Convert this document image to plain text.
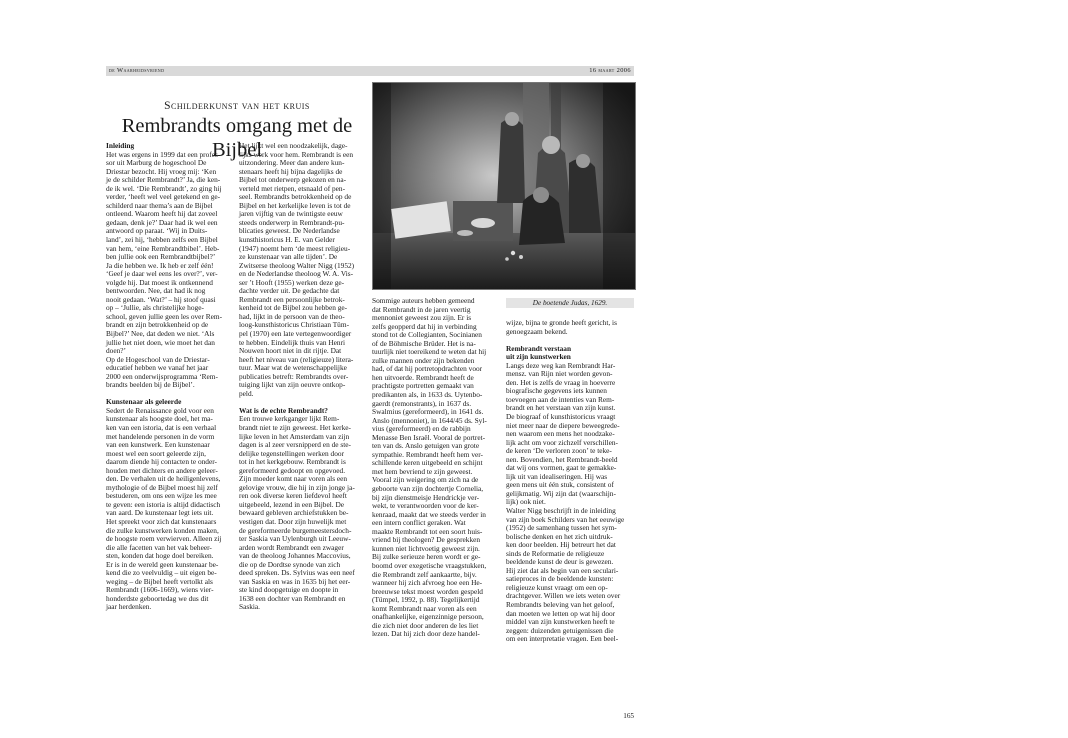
de Waarheidsvriend	16 maart 2006
Schilderkunst van het kruis
Rembrandts omgang met de Bijbel
De boetende Judas, 1629.

Inleiding

Het was ergens in 1999 dat een profes-
sor uit Marburg de hogeschool De
Driestar bezocht. Hij vroeg mij: ‘Ken
je de schilder Rembrandt?’ Ja, die ken-
de ik wel. ‘Die Rembrandt’, zo ging hij
verder, ‘heeft wel veel getekend en ge-
schilderd naar thema’s aan de Bijbel
ontleend. Waarom heeft hij dat zoveel
gedaan, denk je?’ Daar had ik wel een
antwoord op paraat. ‘Wij in Duits-
land’, zei hij, ‘hebben zelfs een Bijbel
van hem, ‘eine Rembrandtbibel’. Heb-
ben jullie ook een Rembrandtbijbel?’
Ja die hebben we. Ik heb er zelf één!
‘Geef je daar wel eens les over?’, ver-
volgde hij. Dat moest ik ontkennend
bentwoorden. Nee, dat had ik nog
nooit gedaan. ‘Wat?’ – hij stoof quasi
op – ‘Jullie, als christelijke hoge-
school, geven jullie geen les over Rem-
brandt en zijn betrokkenheid op de
Bijbel?’ Nee, dat deden we niet. ‘Als
jullie het niet doen, wie moet het dan
doen?’
Op de Hogeschool van de Driestar-
educatief hebben we vanaf het jaar
2000 een onderwijsprogramma ‘Rem-
brandts beelden bij de Bijbel’.

Kunstenaar als geleerde

Sedert de Renaissance gold voor een
kunstenaar als hoogste doel, het ma-
ken van een istoria, dat is een verhaal
met handelende personen in de vorm
van een kunstwerk. Een kunstenaar
moest wel een soort geleerde zijn,
daarom diende hij contacten te onder-
houden met dichters en andere geleer-
den. De verhalen uit de heiligenlevens,
mythologie of de Bijbel moest hij zelf
bestuderen, om ons een wijze les mee
te geven: een istoria is altijd didactisch
van aard. De kunstenaar legt iets uit.
Het spreekt voor zich dat kunstenaars
die zulke kunstwerken konden maken,
de hoogste roem verwierven. Alleen zij
die alle facetten van het vak beheer-
sten, konden dat hoge doel bereiken.
Er is in de wereld geen kunstenaar be-
kend die zo veelvuldig – uit eigen be-
weging – de Bijbel heeft vertolkt als
Rembrandt (1606-1669), wiens vier-
honderdste geboortedag we dus dit
jaar herdenken.
Het lijkt wel een noodzakelijk, dage-
lijks werk voor hem. Rembrandt is een
uitzondering. Meer dan andere kun-
stenaars heeft hij bijna dagelijks de
Bijbel tot onderwerp gekozen en na-
verteld met rietpen, etsnaald of pen-
seel. Rembrandts betrokkenheid op de
Bijbel en het kerkelijke leven is tot de
jaren vijftig van de twintigste eeuw
steeds onderwerp in Rembrandt-pu-
blicaties geweest. De Nederlandse
kunsthistoricus H. E. van Gelder
(1947) noemt hem ‘de meest religieu-
ze kunstenaar van alle tijden’. De
Zwitserse theoloog Walter Nigg (1952)
en de Nederlandse theoloog W. A. Vis-
ser ’t Hooft (1955) werken deze ge-
dachte verder uit. De gedachte dat
Rembrandt een persoonlijke betrok-
kenheid tot de Bijbel zou hebben ge-
had, lijkt in de persoon van de theo-
loog-kunsthistoricus Christiaan Tüm-
pel (1970) een late vertegenwoordiger
te hebben. Eindelijk thuis van Henri
Nouwen hoort niet in dit rijtje. Dat
heeft het niveau van (religieuze) litera-
tuur. Maar wat de wetenschappelijke
publicaties betreft: Rembrandts over-
tuiging lijkt van zijn oeuvre ontkop-
peld.

Wat is de echte Rembrandt?

Een trouwe kerkganger lijkt Rem-
brandt niet te zijn geweest. Het kerke-
lijke leven in het Amsterdam van zijn
dagen is al zeer versnipperd en de ste-
delijke tegenstellingen werken door
tot in het kerkgebouw. Rembrandt is
gereformeerd gedoopt en opgevoed.
Zijn moeder komt naar voren als een
gelovige vrouw, die hij in zijn jonge ja-
ren ook diverse keren liefdevol heeft
uitgebeeld, lezend in een Bijbel. De
bewaard gebleven archiefstukken be-
vestigen dat. Door zijn huwelijk met
de gereformeerde burgemeestersdoch-
ter Saskia van Uylenburgh uit Leeuw-
arden wordt Rembrandt een zwager
van de theoloog Johannes Maccovius,
die op de Dordtse synode van zich
deed spreken. Ds. Sylvius was een neef
van Saskia en was in 1635 bij het eer-
ste kind doopgetuige en doopte in
1638 een dochter van Rembrandt en
Saskia.
Sommige auteurs hebben gemeend
dat Rembrandt in de jaren veertig
mennoniet geweest zou zijn. Er is
zelfs geopperd dat hij in verbinding
stond tot de Collegianten, Socinianen
of de Böhmische Brüder. Het is na-
tuurlijk niet toereikend te weten dat hij
zulke mannen onder zijn bekenden
had, of dat hij portretopdrachten voor
hen uitvoerde. Rembrandt heeft de
prachtigste portretten gemaakt van
predikanten als, in 1633 ds. Uytenbo-
gaerdt (remonstrants), in 1637 ds.
Swalmius (gereformeerd), in 1641 ds.
Anslo (mennoniet), in 1644/45 ds. Syl-
vius (gereformeerd) en de rabbijn
Menasse Ben Israël. Vooral de portret-
ten van ds. Anslo getuigen van grote
sympathie. Rembrandt heeft hem ver-
schillende keren uitgebeeld en schijnt
met hem bevriend te zijn geweest.
Vooral zijn weigering om zich na de
geboorte van zijn dochtertje Cornelia,
bij zijn dienstmeisje Hendrickje ver-
wekt, te verantwoorden voor de ker-
kenraad, maakt dat we steeds verder in
een intern conflict geraken. Wat
maakte Rembrandt tot een soort huis-
vriend bij theologen? De gesprekken
kunnen niet lichtvoetig geweest zijn.
Bij zulke serieuze heren wordt er ge-
boomd over exegetische vraagstukken,
die Rembrandt zelf aankaartte, bijv.
wanneer hij zich afvroeg hoe een He-
breeuwse tekst moest worden gespeld
(Tümpel, 1992, p. 88). Tegelijkertijd
komt Rembrandt naar voren als een
onafhankelijke, eigenzinnige persoon,
die zich niet door anderen de les liet
lezen. Dat hij zich door deze handel-
wijze, bijna te gronde heeft gericht, is
genoegzaam bekend.

Rembrandt verstaan

uit zijn kunstwerken

Langs deze weg kan Rembrandt Har-
mensz. van Rijn niet worden gevon-
den. Het is zelfs de vraag in hoeverre
biografische gegevens iets kunnen
toevoegen aan de intenties van Rem-
brandt en het verstaan van zijn kunst.
De biograaf of kunsthistoricus vraagt
niet meer naar de diepere beweegrede-
nen waarom een mens het noodzake-
lijk acht om voor zichzelf verschillen-
de keren ‘De verloren zoon’ te teke-
nen. Bovendien, het Rembrandt-beeld
dat wij ons vormen, gaat te gemakke-
lijk uit van idealiseringen. Hij was
geen mens uit één stuk, consistent of
gelijkmatig. Wij zijn dat (waarschijn-
lijk) ook niet.
Walter Nigg beschrijft in de inleiding
van zijn boek Schilders van het eeuwige
(1952) de samenhang tussen het sym-
bolische denken en het zich uitdruk-
ken door beelden. Hij betreurt het dat
sinds de Reformatie de religieuze
beeldende kunst de deur is gewezen.
Hij ziet dat als begin van een seculari-
satieproces in de beeldende kunsten:
religieuze kunst vraagt om een op-
drachtgever. Willen we iets weten over
Rembrandts beleving van het geloof,
dan moeten we letten op wat hij door
middel van zijn kunstwerken heeft te
zeggen: duizenden getuigenissen die
om een interpretatie vragen. Een beel-
165
